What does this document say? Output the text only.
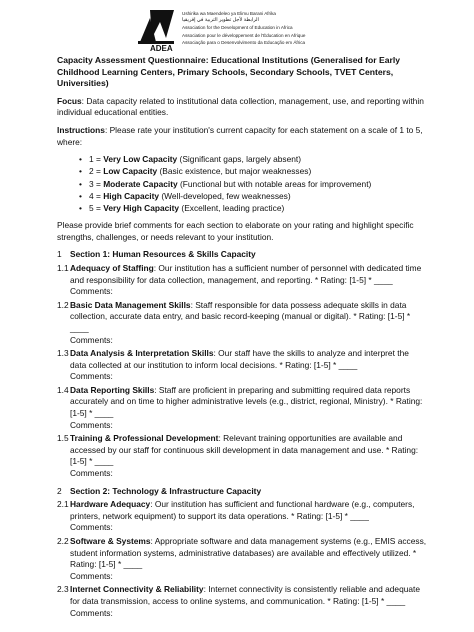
ADEA
Ushirika wa Maendeleo ya Elimu Barani Afrika
الرابطة لأجل تطوير التربية في إفريقيا
Association for the Development of Education in Africa
Association pour le développement de l'Éducation en Afrique
Associação para o Desenvolvimento da Educação em África

Capacity Assessment Questionnaire: Educational Institutions (Generalised for Early Childhood Learning Centers, Primary Schools, Secondary Schools, TVET Centers, Universities)

Focus: Data capacity related to institutional data collection, management, use, and reporting within individual educational entities.

Instructions: Please rate your institution's current capacity for each statement on a scale of 1 to 5, where:

• 1 = Very Low Capacity (Significant gaps, largely absent)
• 2 = Low Capacity (Basic existence, but major weaknesses)
• 3 = Moderate Capacity (Functional but with notable areas for improvement)
• 4 = High Capacity (Well-developed, few weaknesses)
• 5 = Very High Capacity (Excellent, leading practice)

Please provide brief comments for each section to elaborate on your rating and highlight specific strengths, challenges, or needs relevant to your institution.

1 Section 1: Human Resources & Skills Capacity
1.1 Adequacy of Staffing: Our institution has a sufficient number of personnel with dedicated time and responsibility for data collection, management, and reporting. * Rating: [1-5] * ____
Comments:
1.2 Basic Data Management Skills: Staff responsible for data possess adequate skills in data collection, accurate data entry, and basic record-keeping (manual or digital). * Rating: [1-5] * ____
Comments:
1.3 Data Analysis & Interpretation Skills: Our staff have the skills to analyze and interpret the data collected at our institution to inform local decisions. * Rating: [1-5] * ____
Comments:
1.4 Data Reporting Skills: Staff are proficient in preparing and submitting required data reports accurately and on time to higher administrative levels (e.g., district, regional, Ministry). * Rating: [1-5] * ____
Comments:
1.5 Training & Professional Development: Relevant training opportunities are available and accessed by our staff for continuous skill development in data management and use. * Rating: [1-5] * ____
Comments:
2 Section 2: Technology & Infrastructure Capacity
2.1 Hardware Adequacy: Our institution has sufficient and functional hardware (e.g., computers, printers, network equipment) to support its data operations. * Rating: [1-5] * ____
Comments:
2.2 Software & Systems: Appropriate software and data management systems (e.g., EMIS access, student information systems, administrative databases) are available and effectively utilized. * Rating: [1-5] * ____
Comments:
2.3 Internet Connectivity & Reliability: Internet connectivity is consistently reliable and adequate for data transmission, access to online systems, and communication. * Rating: [1-5] * ____
Comments:
